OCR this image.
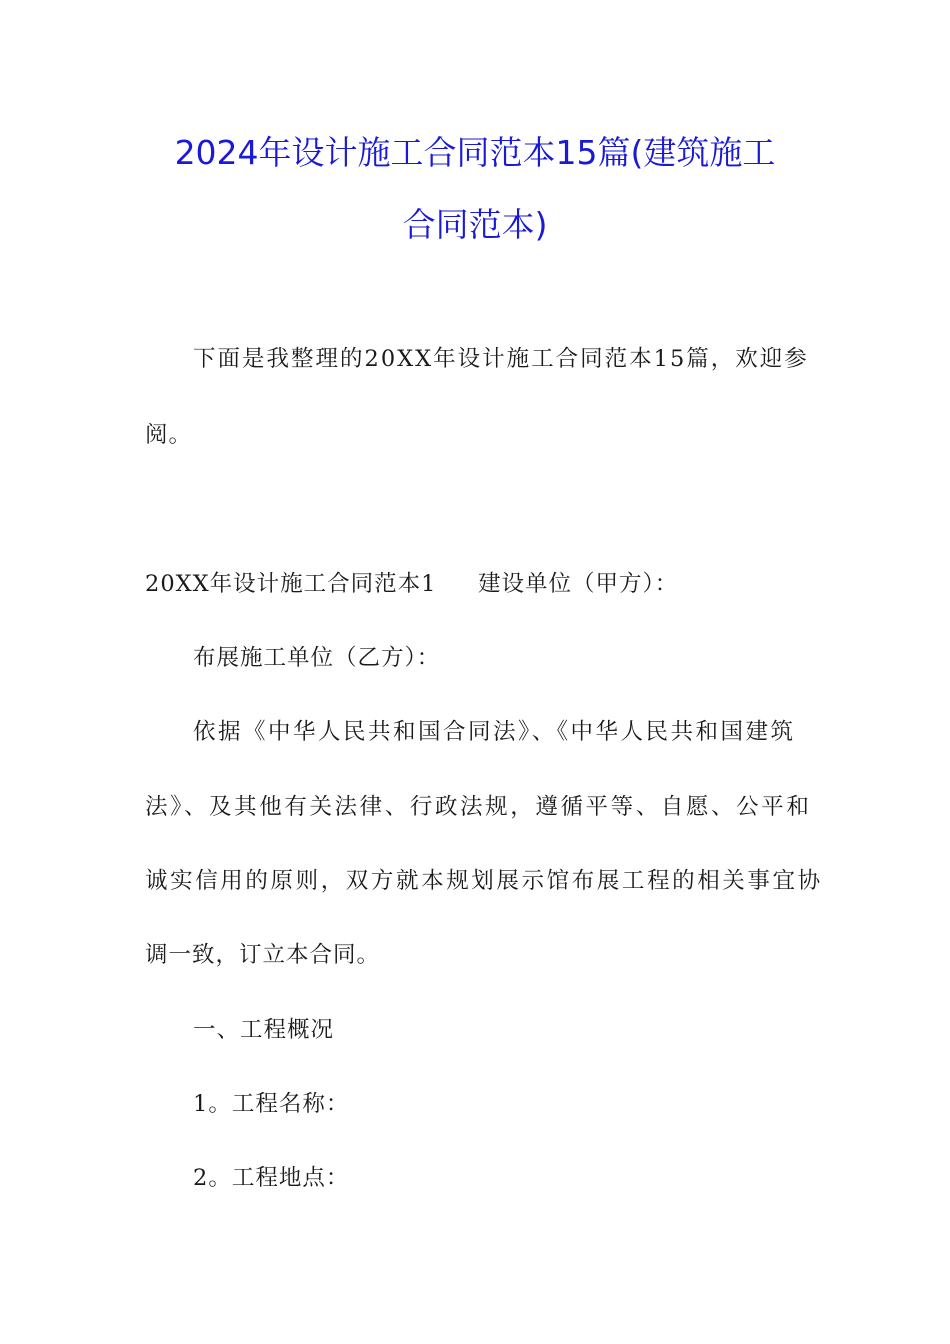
2024年设计施工合同范本15篇(建筑施工
合同范本)
下面是我整理的20XX年设计施工合同范本15篇，欢迎参
阅。
20XX年设计施工合同范本1 建设单位（甲方）：
布展施工单位（乙方）：
依据《中华人民共和国合同法》、《中华人民共和国建筑
法》、及其他有关法律、行政法规，遵循平等、自愿、公平和
诚实信用的原则，双方就本规划展示馆布展工程的相关事宜协
调一致，订立本合同。
一、工程概况
1。工程名称：
2。工程地点：
